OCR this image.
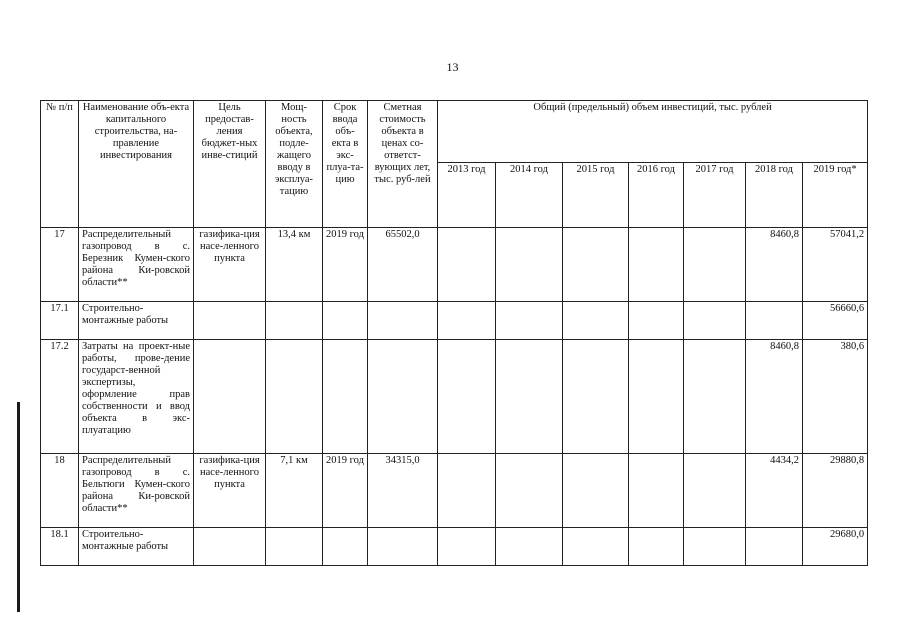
13
№ п/п	Наименование объ-екта капитального строительства, на-правление инвестирования	Цель предостав-ления бюджет-ных инве-стиций	Мощ-ность объекта, подле-жащего вводу в эксплуа-тацию	Срок ввода объ-екта в экс-плуа-та-цию	Сметная стоимость объекта в ценах со-ответст-вующих лет, тыс. руб-лей	Общий (предельный) объем инвестиций, тыс. рублей						
						2013 год	2014 год	2015 год	2016 год	2017 год	2018 год	2019 год*
17	Распределительный газопровод в с. Березник Кумен-ского района Ки-ровской области**	газифика-ция насе-ленного пункта	13,4 км	2019 год	65502,0						8460,8	57041,2
17.1	Строительно-монтажные работы											56660,6
17.2	Затраты на проект-ные работы, прове-дение государст-венной экспертизы, оформление прав собственности и ввод объекта в экс-плуатацию										8460,8	380,6
18	Распределительный газопровод в с. Бельтюги Кумен-ского района Ки-ровской области**	газифика-ция насе-ленного пункта	7,1 км	2019 год	34315,0						4434,2	29880,8
18.1	Строительно-монтажные работы											29680,0
